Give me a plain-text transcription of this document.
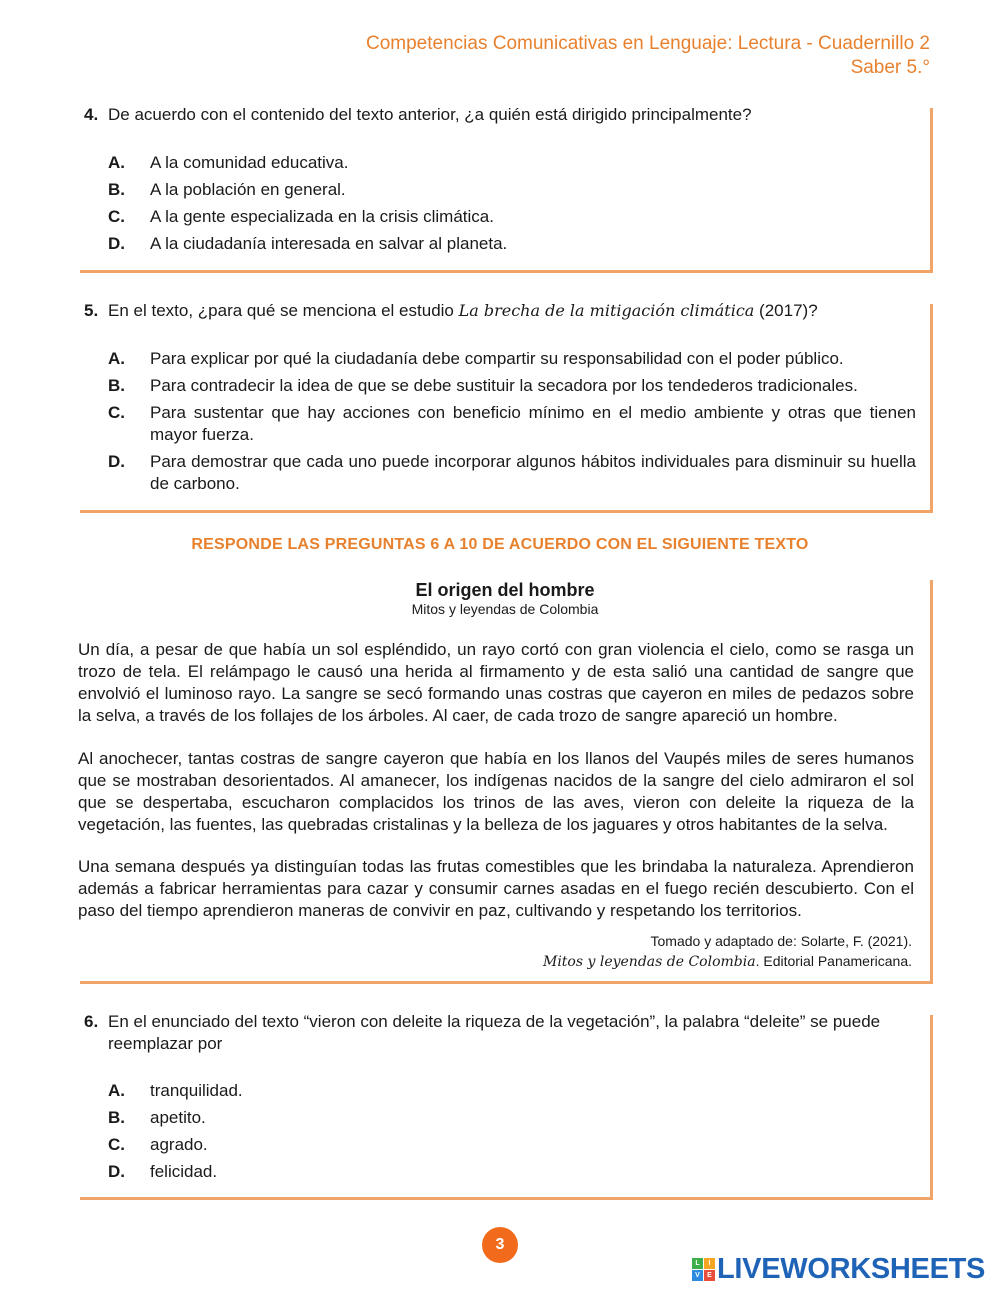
Competencias Comunicativas en Lenguaje: Lectura - Cuadernillo 2
Saber 5.°
4. De acuerdo con el contenido del texto anterior, ¿a quién está dirigido principalmente?
A. A la comunidad educativa.
B. A la población en general.
C. A la gente especializada en la crisis climática.
D. A la ciudadanía interesada en salvar al planeta.
5. En el texto, ¿para qué se menciona el estudio La brecha de la mitigación climática (2017)?
A. Para explicar por qué la ciudadanía debe compartir su responsabilidad con el poder público.
B. Para contradecir la idea de que se debe sustituir la secadora por los tendederos tradicionales.
C. Para sustentar que hay acciones con beneficio mínimo en el medio ambiente y otras que tienen mayor fuerza.
D. Para demostrar que cada uno puede incorporar algunos hábitos individuales para disminuir su huella de carbono.
RESPONDE LAS PREGUNTAS 6 A 10 DE ACUERDO CON EL SIGUIENTE TEXTO
El origen del hombre
Mitos y leyendas de Colombia
Un día, a pesar de que había un sol espléndido, un rayo cortó con gran violencia el cielo, como se rasga un trozo de tela. El relámpago le causó una herida al firmamento y de esta salió una cantidad de sangre que envolvió el luminoso rayo. La sangre se secó formando unas costras que cayeron en miles de pedazos sobre la selva, a través de los follajes de los árboles. Al caer, de cada trozo de sangre apareció un hombre.
Al anochecer, tantas costras de sangre cayeron que había en los llanos del Vaupés miles de seres humanos que se mostraban desorientados. Al amanecer, los indígenas nacidos de la sangre del cielo admiraron el sol que se despertaba, escucharon complacidos los trinos de las aves, vieron con deleite la riqueza de la vegetación, las fuentes, las quebradas cristalinas y la belleza de los jaguares y otros habitantes de la selva.
Una semana después ya distinguían todas las frutas comestibles que les brindaba la naturaleza. Aprendieron además a fabricar herramientas para cazar y consumir carnes asadas en el fuego recién descubierto. Con el paso del tiempo aprendieron maneras de convivir en paz, cultivando y respetando los territorios.
Tomado y adaptado de: Solarte, F. (2021).
Mitos y leyendas de Colombia. Editorial Panamericana.
6. En el enunciado del texto “vieron con deleite la riqueza de la vegetación”, la palabra “deleite” se puede reemplazar por
A. tranquilidad.
B. apetito.
C. agrado.
D. felicidad.
3
L	I
V	E LIVEWORKSHEETS
